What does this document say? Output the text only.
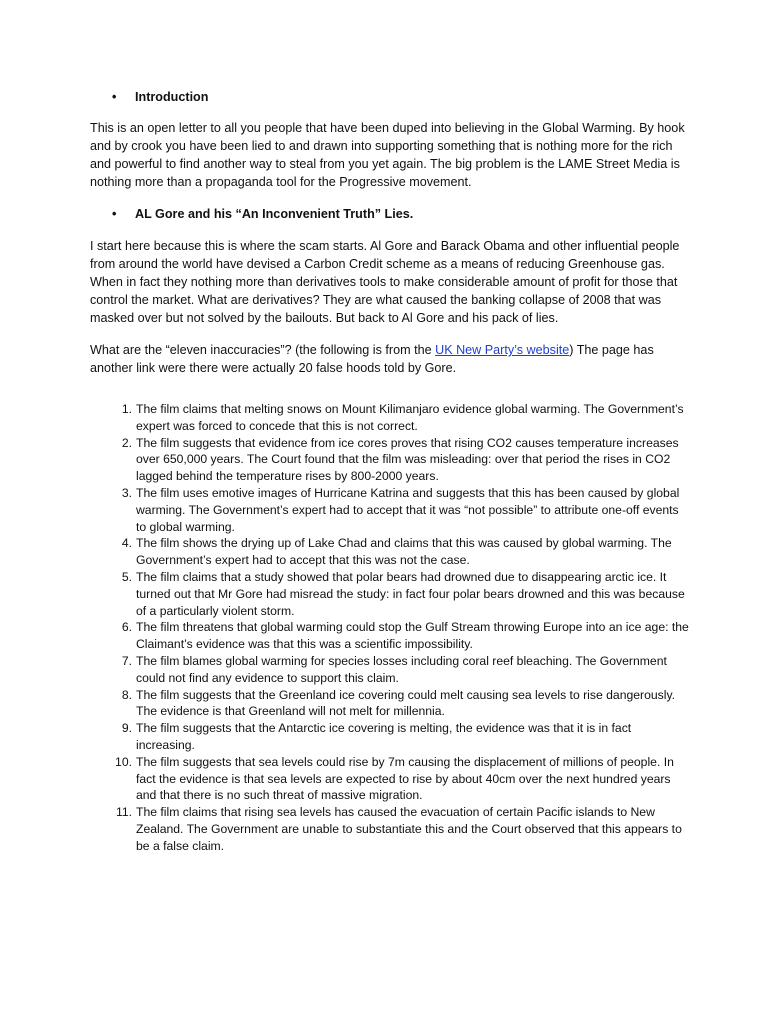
• Introduction

This is an open letter to all you people that have been duped into believing in the Global Warming. By hook and by crook you have been lied to and drawn into supporting something that is nothing more for the rich and powerful to find another way to steal from you yet again. The big problem is the LAME Street Media is nothing more than a propaganda tool for the Progressive movement.

• AL Gore and his “An Inconvenient Truth” Lies.

I start here because this is where the scam starts. Al Gore and Barack Obama and other influential people from around the world have devised a Carbon Credit scheme as a means of reducing Greenhouse gas. When in fact they nothing more than derivatives tools to make considerable amount of profit for those that control the market. What are derivatives? They are what caused the banking collapse of 2008 that was masked over but not solved by the bailouts. But back to Al Gore and his pack of lies.

What are the “eleven inaccuracies”? (the following is from the UK New Party’s website) The page has another link were there were actually 20 false hoods told by Gore.

1. The film claims that melting snows on Mount Kilimanjaro evidence global warming. The Government’s expert was forced to concede that this is not correct.
2. The film suggests that evidence from ice cores proves that rising CO2 causes temperature increases over 650,000 years. The Court found that the film was misleading: over that period the rises in CO2 lagged behind the temperature rises by 800-2000 years.
3. The film uses emotive images of Hurricane Katrina and suggests that this has been caused by global warming. The Government’s expert had to accept that it was “not possible” to attribute one-off events to global warming.
4. The film shows the drying up of Lake Chad and claims that this was caused by global warming. The Government’s expert had to accept that this was not the case.
5. The film claims that a study showed that polar bears had drowned due to disappearing arctic ice. It turned out that Mr Gore had misread the study: in fact four polar bears drowned and this was because of a particularly violent storm.
6. The film threatens that global warming could stop the Gulf Stream throwing Europe into an ice age: the Claimant’s evidence was that this was a scientific impossibility.
7. The film blames global warming for species losses including coral reef bleaching. The Government could not find any evidence to support this claim.
8. The film suggests that the Greenland ice covering could melt causing sea levels to rise dangerously. The evidence is that Greenland will not melt for millennia.
9. The film suggests that the Antarctic ice covering is melting, the evidence was that it is in fact increasing.
10. The film suggests that sea levels could rise by 7m causing the displacement of millions of people. In fact the evidence is that sea levels are expected to rise by about 40cm over the next hundred years and that there is no such threat of massive migration.
11. The film claims that rising sea levels has caused the evacuation of certain Pacific islands to New Zealand. The Government are unable to substantiate this and the Court observed that this appears to be a false claim.
